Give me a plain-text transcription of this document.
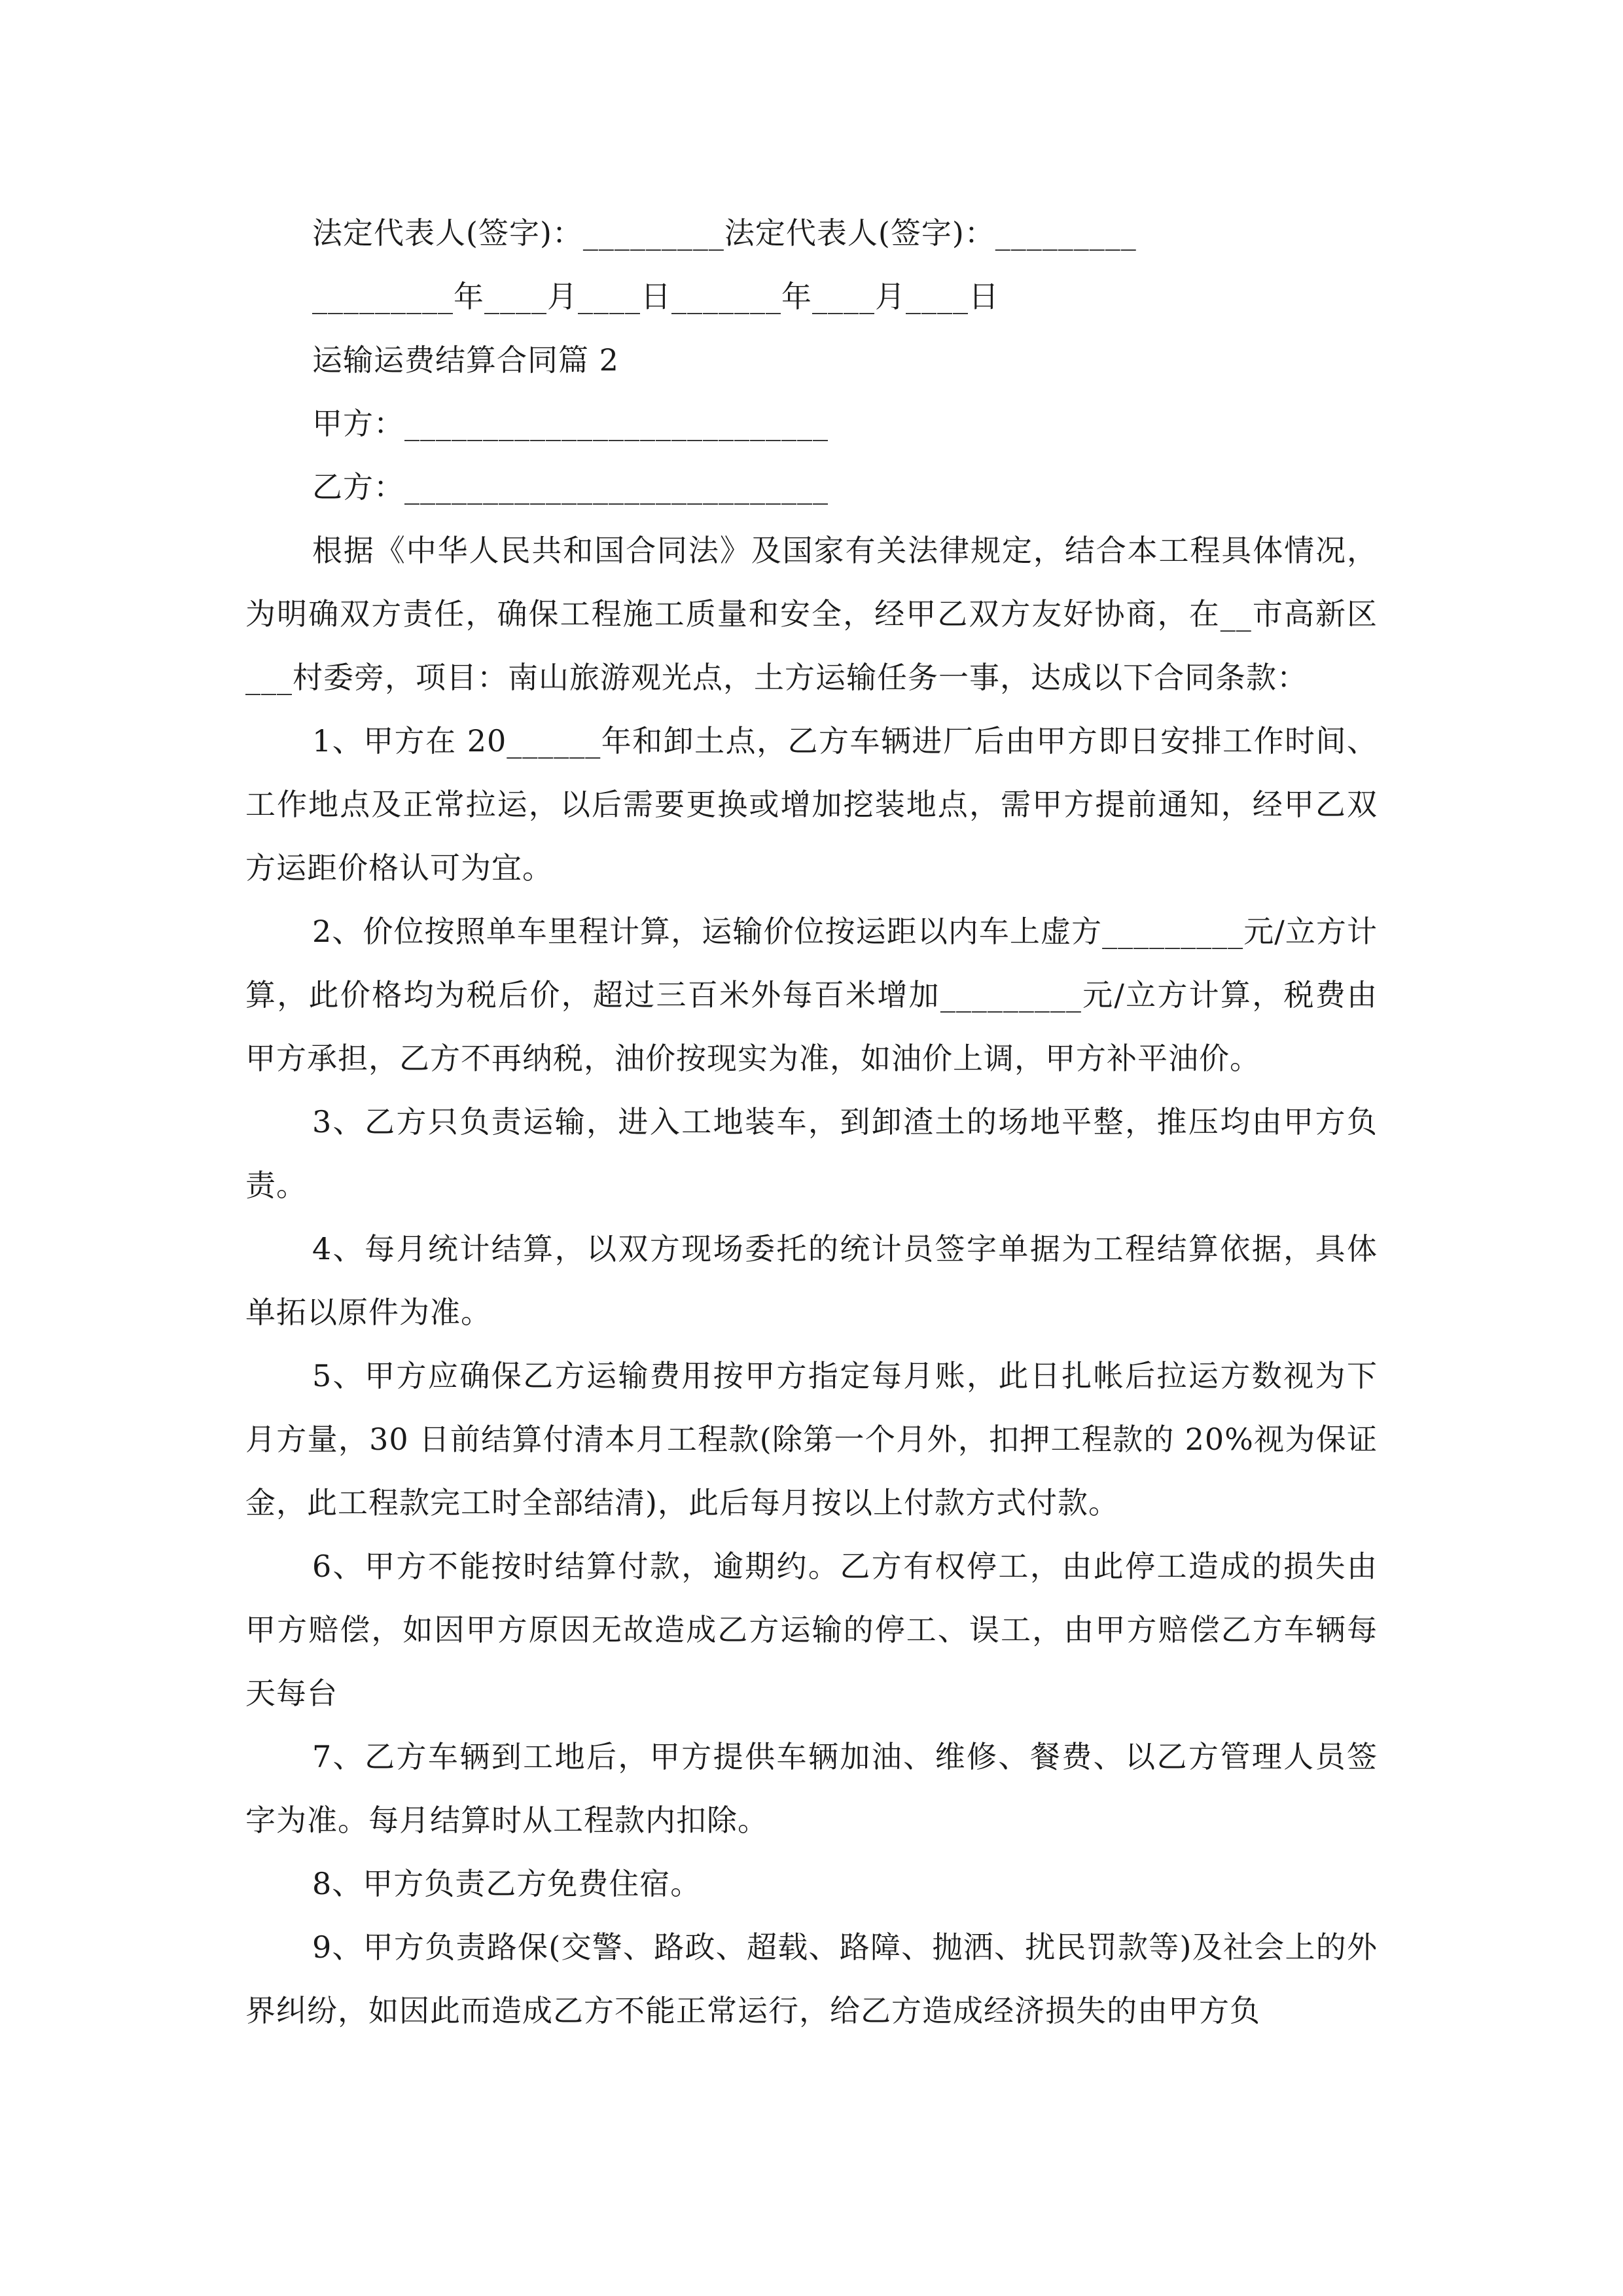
法定代表人(签字)：_________法定代表人(签字)：_________
_________年____月____日_______年____月____日
运输运费结算合同篇 2
甲方：___________________________
乙方：___________________________

根据《中华人民共和国合同法》及国家有关法律规定，结合本工程具体情况，为明确双方责任，确保工程施工质量和安全，经甲乙双方友好协商，在__市高新区___村委旁，项目：南山旅游观光点，土方运输任务一事，达成以下合同条款：

1、甲方在 20______年和卸土点，乙方车辆进厂后由甲方即日安排工作时间、工作地点及正常拉运，以后需要更换或增加挖装地点，需甲方提前通知，经甲乙双方运距价格认可为宜。

2、价位按照单车里程计算，运输价位按运距以内车上虚方_________元/立方计算，此价格均为税后价，超过三百米外每百米增加_________元/立方计算，税费由甲方承担，乙方不再纳税，油价按现实为准，如油价上调，甲方补平油价。

3、乙方只负责运输，进入工地装车，到卸渣土的场地平整，推压均由甲方负责。

4、每月统计结算，以双方现场委托的统计员签字单据为工程结算依据，具体单拓以原件为准。

5、甲方应确保乙方运输费用按甲方指定每月账，此日扎帐后拉运方数视为下月方量，30 日前结算付清本月工程款(除第一个月外，扣押工程款的 20%视为保证金，此工程款完工时全部结清)，此后每月按以上付款方式付款。

6、甲方不能按时结算付款，逾期约。乙方有权停工，由此停工造成的损失由甲方赔偿，如因甲方原因无故造成乙方运输的停工、误工，由甲方赔偿乙方车辆每天每台

7、乙方车辆到工地后，甲方提供车辆加油、维修、餐费、以乙方管理人员签字为准。每月结算时从工程款内扣除。

8、甲方负责乙方免费住宿。

9、甲方负责路保(交警、路政、超载、路障、抛洒、扰民罚款等)及社会上的外界纠纷，如因此而造成乙方不能正常运行，给乙方造成经济损失的由甲方负
